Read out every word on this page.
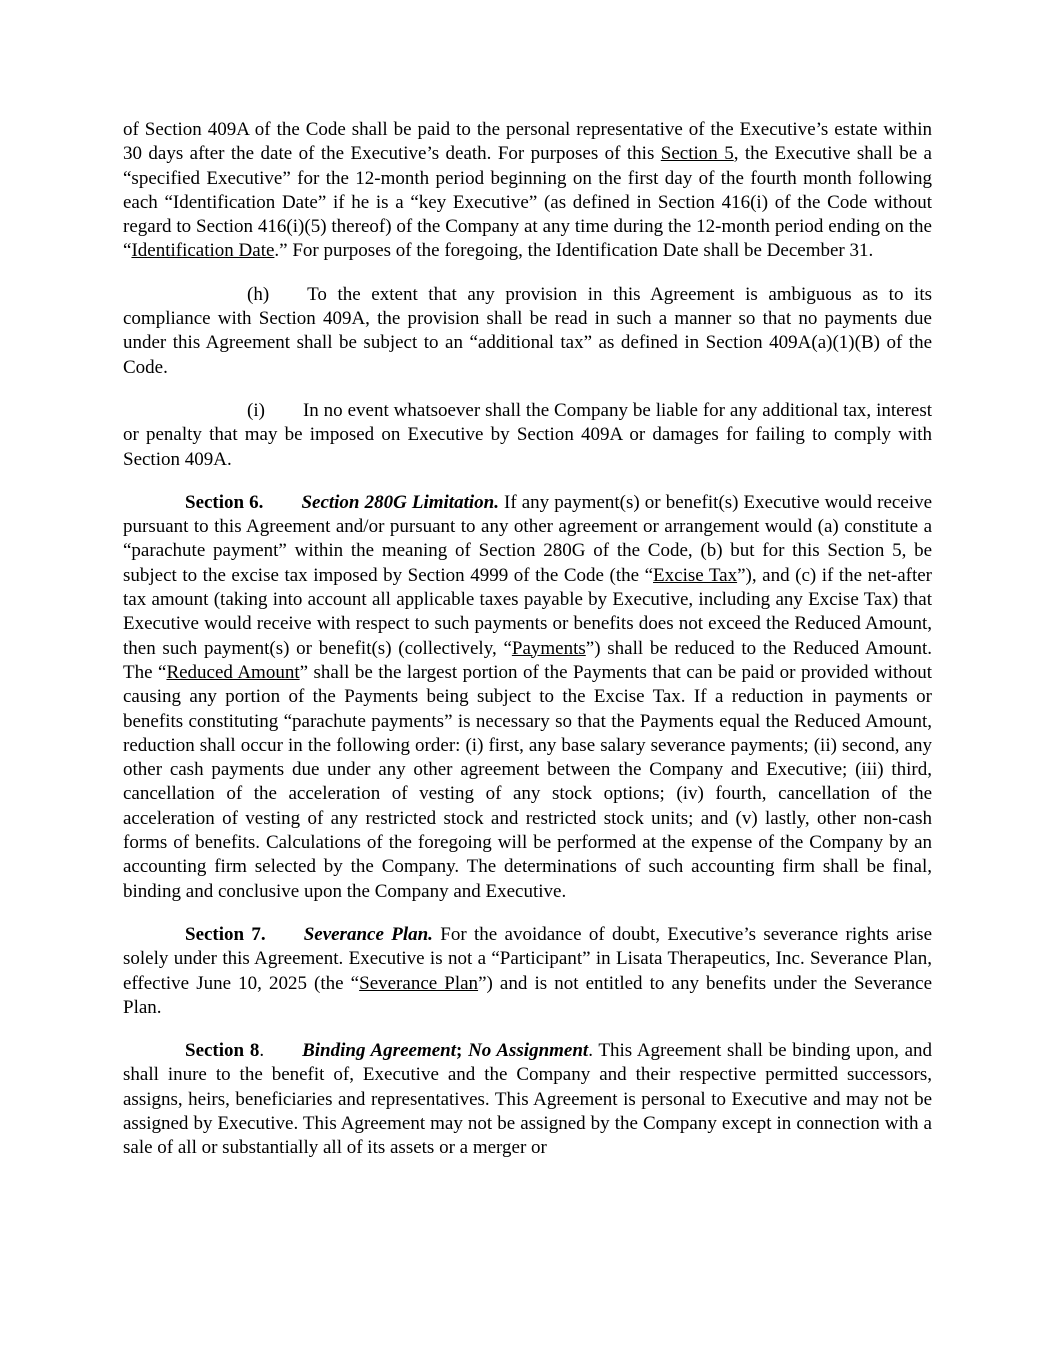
of Section 409A of the Code shall be paid to the personal representative of the Executive’s estate within 30 days after the date of the Executive’s death. For purposes of this Section 5, the Executive shall be a “specified Executive” for the 12-month period beginning on the first day of the fourth month following each “Identification Date” if he is a “key Executive” (as defined in Section 416(i) of the Code without regard to Section 416(i)(5) thereof) of the Company at any time during the 12-month period ending on the “Identification Date.” For purposes of the foregoing, the Identification Date shall be December 31.

(h) To the extent that any provision in this Agreement is ambiguous as to its compliance with Section 409A, the provision shall be read in such a manner so that no payments due under this Agreement shall be subject to an “additional tax” as defined in Section 409A(a)(1)(B) of the Code.

(i) In no event whatsoever shall the Company be liable for any additional tax, interest or penalty that may be imposed on Executive by Section 409A or damages for failing to comply with Section 409A.

Section 6. Section 280G Limitation. If any payment(s) or benefit(s) Executive would receive pursuant to this Agreement and/or pursuant to any other agreement or arrangement would (a) constitute a “parachute payment” within the meaning of Section 280G of the Code, (b) but for this Section 5, be subject to the excise tax imposed by Section 4999 of the Code (the “Excise Tax”), and (c) if the net-after tax amount (taking into account all applicable taxes payable by Executive, including any Excise Tax) that Executive would receive with respect to such payments or benefits does not exceed the Reduced Amount, then such payment(s) or benefit(s) (collectively, “Payments”) shall be reduced to the Reduced Amount. The “Reduced Amount” shall be the largest portion of the Payments that can be paid or provided without causing any portion of the Payments being subject to the Excise Tax. If a reduction in payments or benefits constituting “parachute payments” is necessary so that the Payments equal the Reduced Amount, reduction shall occur in the following order: (i) first, any base salary severance payments; (ii) second, any other cash payments due under any other agreement between the Company and Executive; (iii) third, cancellation of the acceleration of vesting of any stock options; (iv) fourth, cancellation of the acceleration of vesting of any restricted stock and restricted stock units; and (v) lastly, other non-cash forms of benefits. Calculations of the foregoing will be performed at the expense of the Company by an accounting firm selected by the Company. The determinations of such accounting firm shall be final, binding and conclusive upon the Company and Executive.

Section 7. Severance Plan. For the avoidance of doubt, Executive’s severance rights arise solely under this Agreement. Executive is not a “Participant” in Lisata Therapeutics, Inc. Severance Plan, effective June 10, 2025 (the “Severance Plan”) and is not entitled to any benefits under the Severance Plan.

Section 8. Binding Agreement; No Assignment. This Agreement shall be binding upon, and shall inure to the benefit of, Executive and the Company and their respective permitted successors, assigns, heirs, beneficiaries and representatives. This Agreement is personal to Executive and may not be assigned by Executive. This Agreement may not be assigned by the Company except in connection with a sale of all or substantially all of its assets or a merger or
